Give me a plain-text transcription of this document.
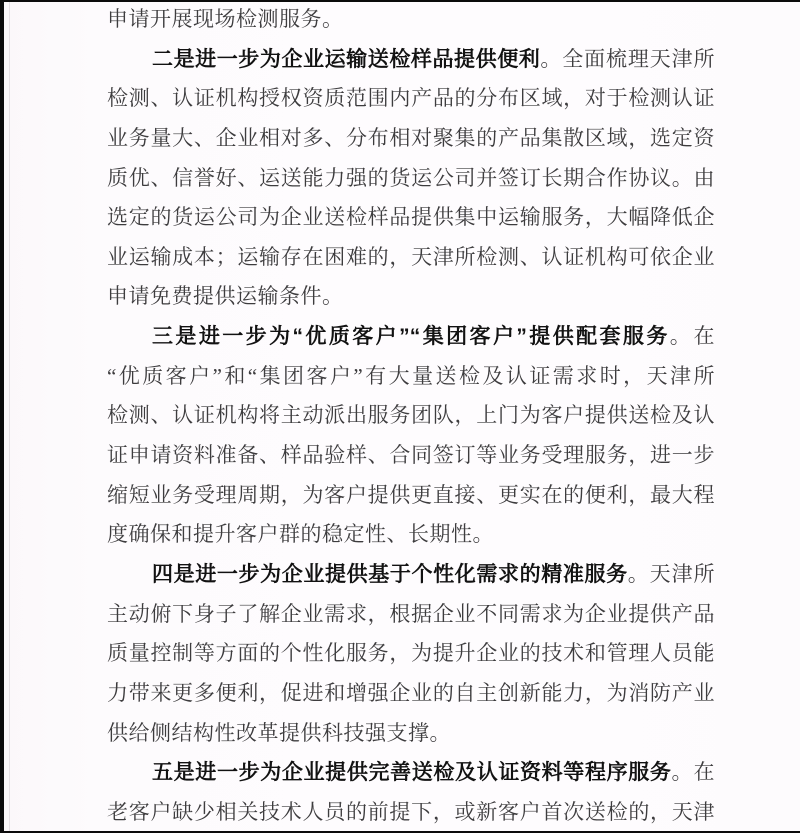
申请开展现场检测服务。
二是进一步为企业运输送检样品提供便利。全面梳理天津所
检测、认证机构授权资质范围内产品的分布区域，对于检测认证
业务量大、企业相对多、分布相对聚集的产品集散区域，选定资
质优、信誉好、运送能力强的货运公司并签订长期合作协议。由
选定的货运公司为企业送检样品提供集中运输服务，大幅降低企
业运输成本；运输存在困难的，天津所检测、认证机构可依企业
申请免费提供运输条件。
三是进一步为“优质客户”“集团客户”提供配套服务。在
“优质客户”和“集团客户”有大量送检及认证需求时，天津所
检测、认证机构将主动派出服务团队，上门为客户提供送检及认
证申请资料准备、样品验样、合同签订等业务受理服务，进一步
缩短业务受理周期，为客户提供更直接、更实在的便利，最大程
度确保和提升客户群的稳定性、长期性。
四是进一步为企业提供基于个性化需求的精准服务。天津所
主动俯下身子了解企业需求，根据企业不同需求为企业提供产品
质量控制等方面的个性化服务，为提升企业的技术和管理人员能
力带来更多便利，促进和增强企业的自主创新能力，为消防产业
供给侧结构性改革提供科技强支撑。
五是进一步为企业提供完善送检及认证资料等程序服务。在
老客户缺少相关技术人员的前提下，或新客户首次送检的，天津
